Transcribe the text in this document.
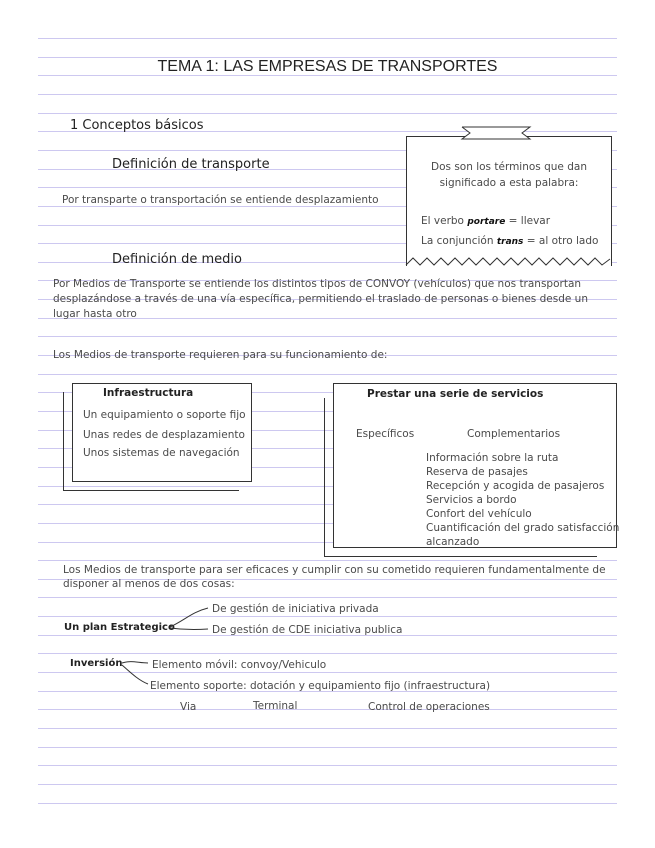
TEMA 1: LAS EMPRESAS DE TRANSPORTES
1 Conceptos básicos
Definición de transporte
Por transparte o transportación se entiende desplazamiento
Dos son los términos que dan
significado a esta palabra:
El verbo portare = llevar
La conjunción trans = al otro lado
Definición de medio
Por Medios de Transporte se entiende los distintos tipos de CONVOY (vehículos) que nos transportan
desplazándose a través de una vía específica, permitiendo el traslado de personas o bienes desde un
lugar hasta otro
Los Medios de transporte requieren para su funcionamiento de:
Infraestructura
Un equipamiento o soporte fijo
Unas redes de desplazamiento
Unos sistemas de navegación
Prestar una serie de servicios
Específicos	Complementarios
Información sobre la ruta
Reserva de pasajes
Recepción y acogida de pasajeros
Servicios a bordo
Confort del vehículo
Cuantificación del grado satisfacción
alcanzado
Los Medios de transporte para ser eficaces y cumplir con su cometido requieren fundamentalmente de
disponer al menos de dos cosas:
Un plan Estrategico
De gestión de iniciativa privada
De gestión de CDE iniciativa publica
Inversión	Elemento móvil: convoy/Vehiculo
Elemento soporte: dotación y equipamiento fijo (infraestructura)
Via	Terminal	Control de operaciones
